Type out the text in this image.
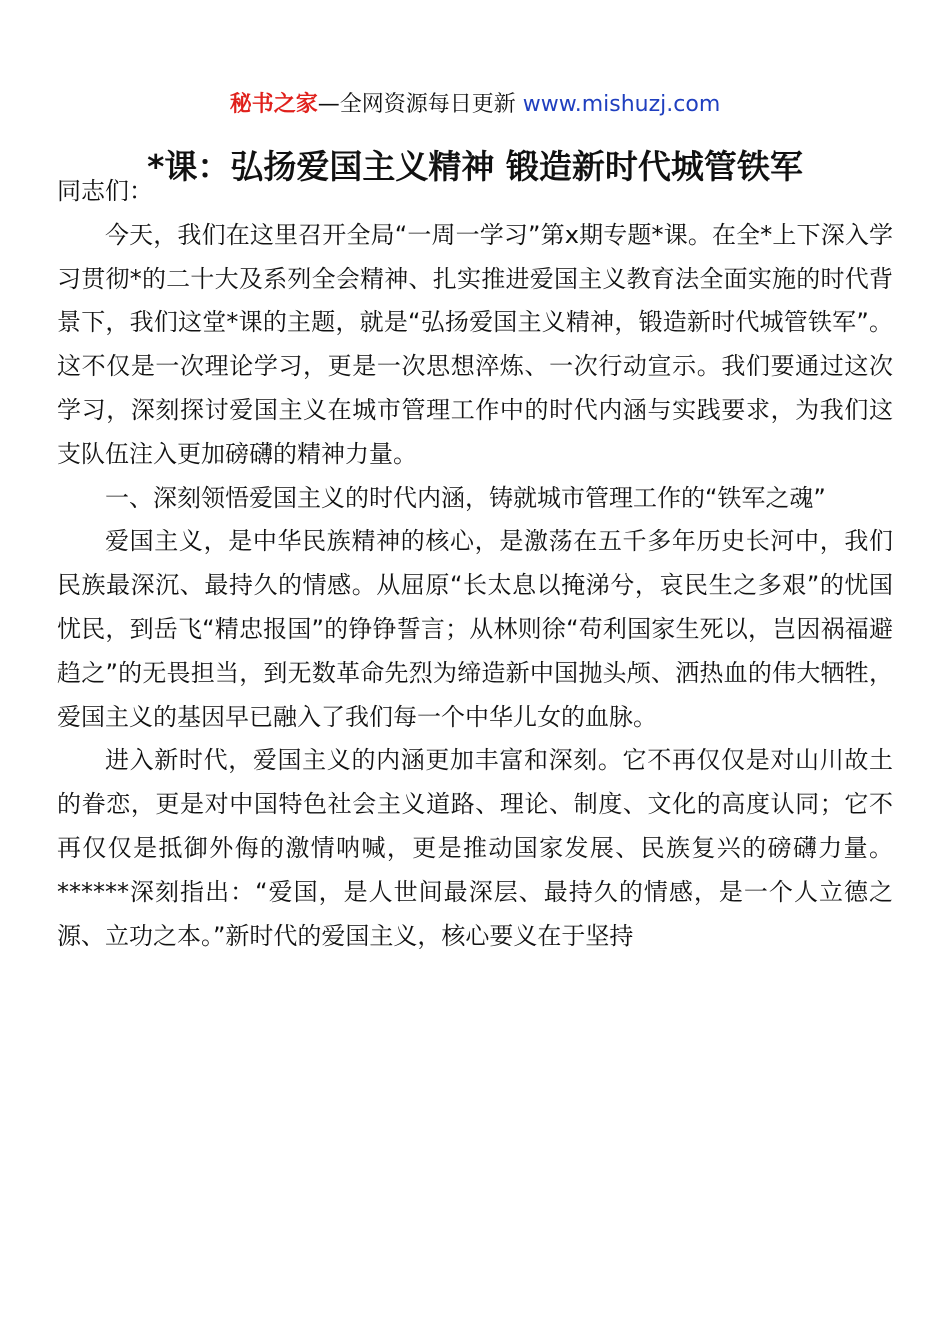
秘书之家—全网资源每日更新 www.mishuzj.com
*课：弘扬爱国主义精神 锻造新时代城管铁军

同志们：

今天，我们在这里召开全局“一周一学习”第x期专题*课。在全*上下深入学习贯彻*的二十大及系列全会精神、扎实推进爱国主义教育法全面实施的时代背景下，我们这堂*课的主题，就是“弘扬爱国主义精神，锻造新时代城管铁军”。这不仅是一次理论学习，更是一次思想淬炼、一次行动宣示。我们要通过这次学习，深刻探讨爱国主义在城市管理工作中的时代内涵与实践要求，为我们这支队伍注入更加磅礴的精神力量。

一、深刻领悟爱国主义的时代内涵，铸就城市管理工作的“铁军之魂”

爱国主义，是中华民族精神的核心，是激荡在五千多年历史长河中，我们民族最深沉、最持久的情感。从屈原“长太息以掩涕兮，哀民生之多艰”的忧国忧民，到岳飞“精忠报国”的铮铮誓言；从林则徐“苟利国家生死以，岂因祸福避趋之”的无畏担当，到无数革命先烈为缔造新中国抛头颅、洒热血的伟大牺牲，爱国主义的基因早已融入了我们每一个中华儿女的血脉。

进入新时代，爱国主义的内涵更加丰富和深刻。它不再仅仅是对山川故土的眷恋，更是对中国特色社会主义道路、理论、制度、文化的高度认同；它不再仅仅是抵御外侮的激情呐喊，更是推动国家发展、民族复兴的磅礴力量。******深刻指出：“爱国，是人世间最深层、最持久的情感，是一个人立德之源、立功之本。”新时代的爱国主义，核心要义在于坚持
